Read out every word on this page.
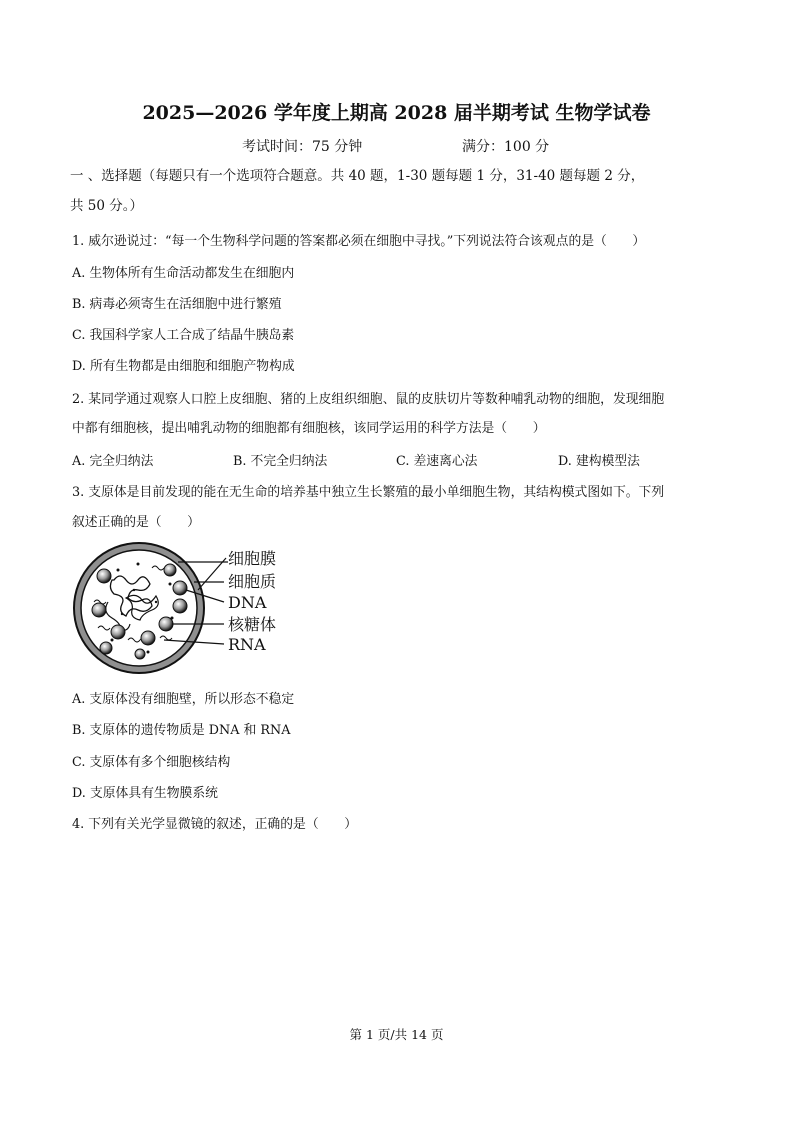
2025—2026 学年度上期高 2028 届半期考试 生物学试卷
考试时间：75 分钟	满分：100 分
一 、选择题（每题只有一个选项符合题意。共 40 题，1-30 题每题 1 分，31-40 题每题 2 分，
共 50 分。）
1. 威尔逊说过：“每一个生物科学问题的答案都必须在细胞中寻找。”下列说法符合该观点的是（　　）
A. 生物体所有生命活动都发生在细胞内
B. 病毒必须寄生在活细胞中进行繁殖
C. 我国科学家人工合成了结晶牛胰岛素
D. 所有生物都是由细胞和细胞产物构成
2. 某同学通过观察人口腔上皮细胞、猪的上皮组织细胞、鼠的皮肤切片等数种哺乳动物的细胞，发现细胞
中都有细胞核，提出哺乳动物的细胞都有细胞核，该同学运用的科学方法是（　　）
A. 完全归纳法	B. 不完全归纳法	C. 差速离心法	D. 建构模型法
3. 支原体是目前发现的能在无生命的培养基中独立生长繁殖的最小单细胞生物，其结构模式图如下。下列
叙述正确的是（　　）
细胞膜
细胞质
DNA
核糖体
RNA
A. 支原体没有细胞壁，所以形态不稳定
B. 支原体的遗传物质是 DNA 和 RNA
C. 支原体有多个细胞核结构
D. 支原体具有生物膜系统
4. 下列有关光学显微镜的叙述，正确的是（　　）
第 1 页/共 14 页
